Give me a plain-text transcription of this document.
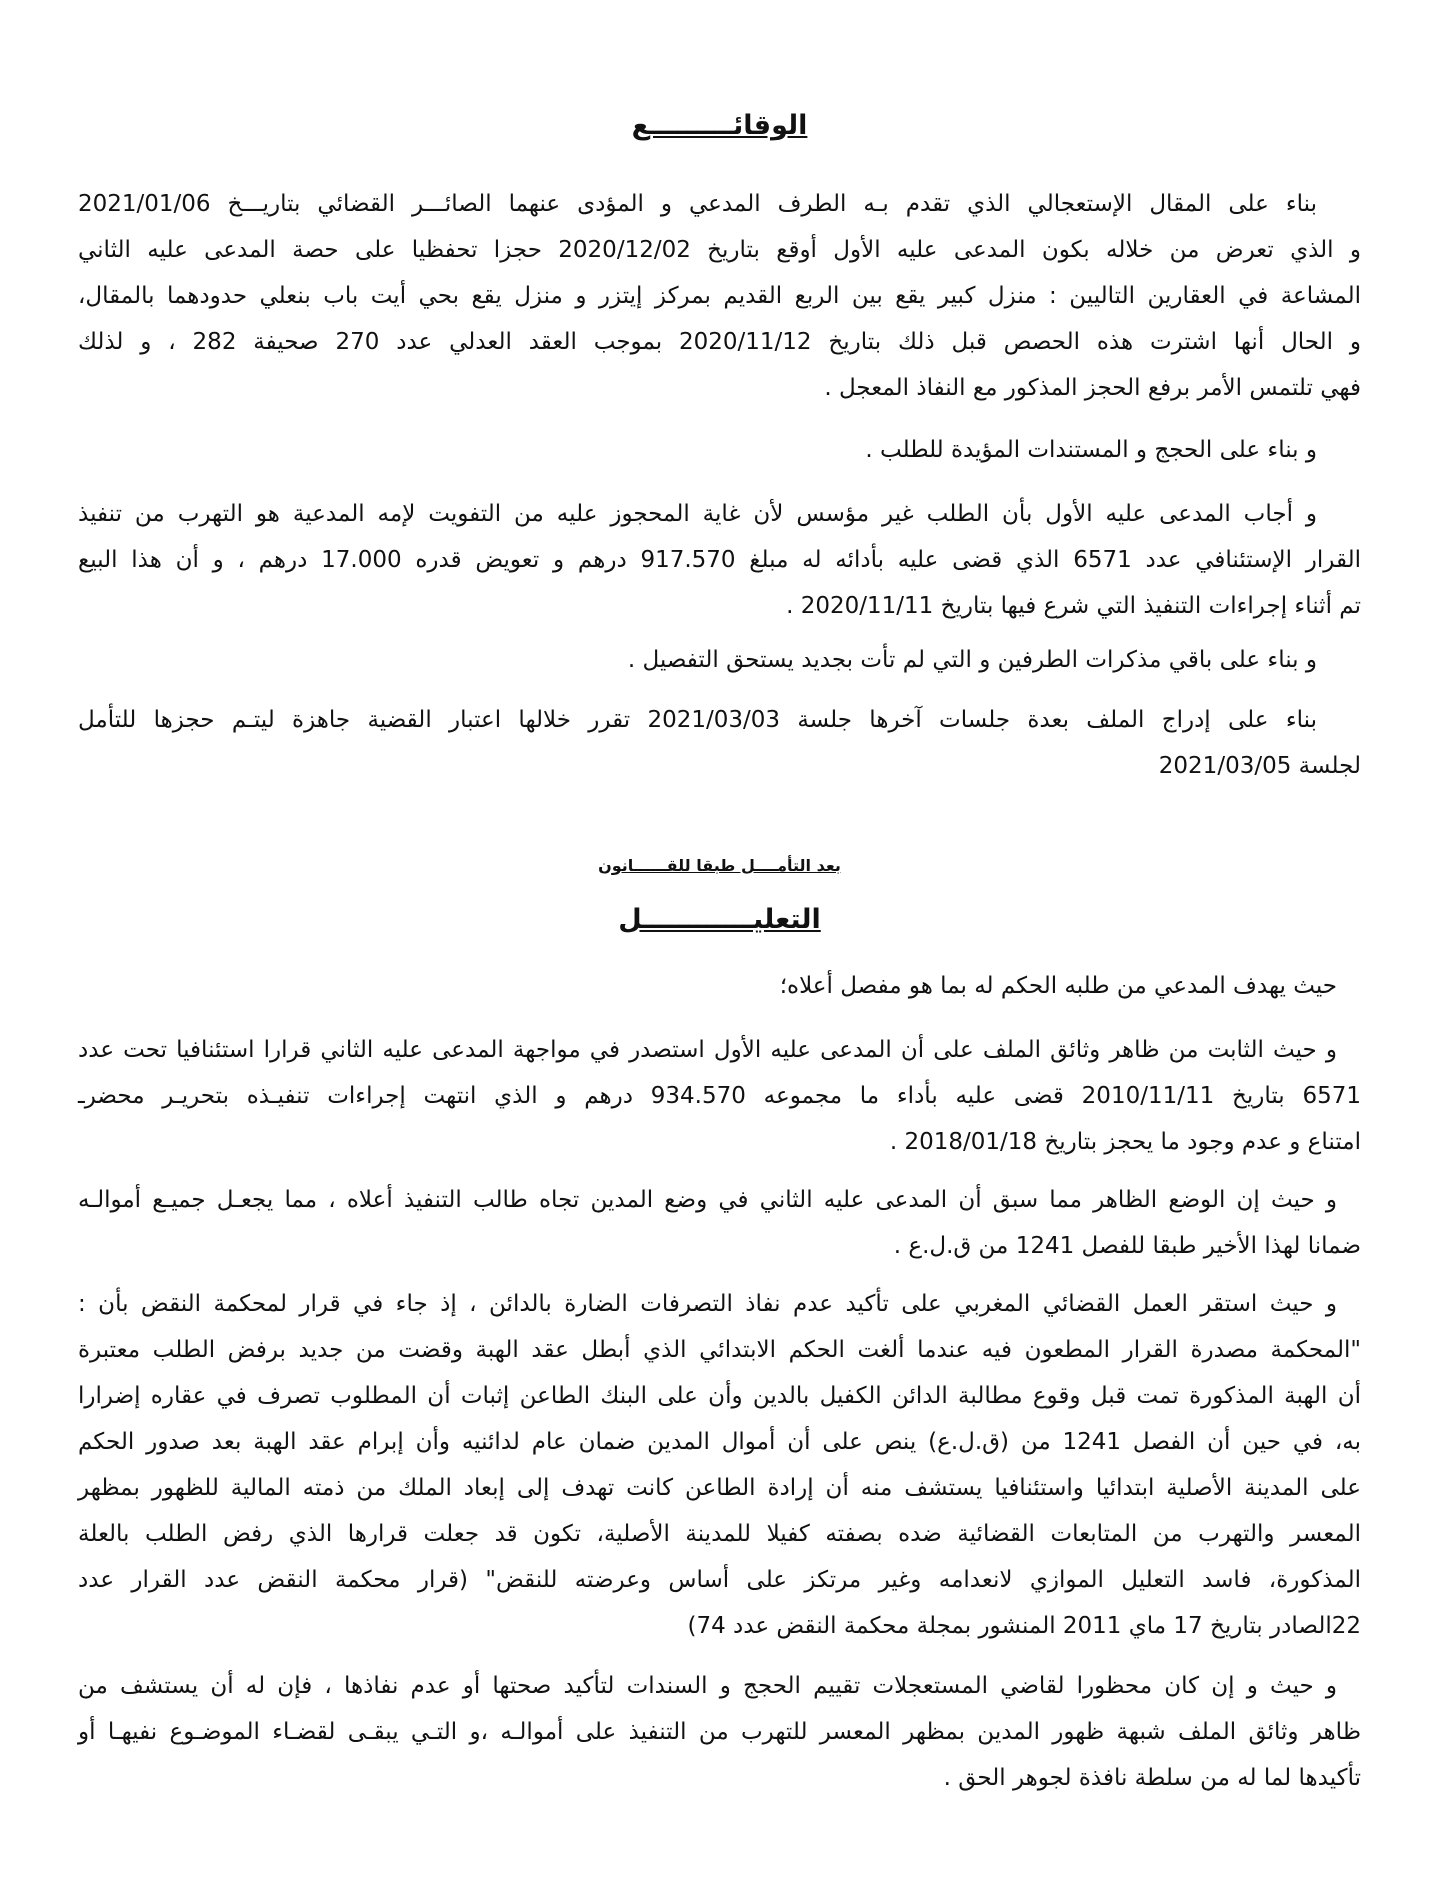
الوقائـــــــــع
بناء على المقال الإستعجالي الذي تقدم بـه الطرف المدعي و المؤدى عنهما الصائـــر القضائي بتاريـــخ 2021/01/06
و الذي تعرض من خلاله بكون المدعى عليه الأول أوقع بتاريخ 2020/12/02 حجزا تحفظيا على حصة المدعى عليه الثاني
المشاعة في العقارين التاليين : منزل كبير يقع بين الربع القديم بمركز إيتزر و منزل يقع بحي أيت باب بنعلي حدودهما بالمقال،
و الحال أنها اشترت هذه الحصص قبل ذلك بتاريخ 2020/11/12 بموجب العقد العدلي عدد 270 صحيفة 282 ، و لذلك
فهي تلتمس الأمر برفع الحجز المذكور مع النفاذ المعجل .
و بناء على الحجج و المستندات المؤيدة للطلب .
و أجاب المدعى عليه الأول بأن الطلب غير مؤسس لأن غاية المحجوز عليه من التفويت لإمه المدعية هو التهرب من تنفيذ
القرار الإستئنافي عدد 6571 الذي قضى عليه بأدائه له مبلغ 917.570 درهم و تعويض قدره 17.000 درهم ، و أن هذا البيع
تم أثناء إجراءات التنفيذ التي شرع فيها بتاريخ 2020/11/11 .
و بناء على باقي مذكرات الطرفين و التي لم تأت بجديد يستحق التفصيل .
بناء على إدراج الملف بعدة جلسات آخرها جلسة 2021/03/03 تقرر خلالها اعتبار القضية جاهزة ليتـم حجزها للتأمل
لجلسة 2021/03/05
بعد التأمــــل طبقا للقــــــانون
التعليــــــــــــل
حيث يهدف المدعي من طلبه الحكم له بما هو مفصل أعلاه؛
و حيث الثابت من ظاهر وثائق الملف على أن المدعى عليه الأول استصدر في مواجهة المدعى عليه الثاني قرارا استئنافيا تحت عدد
6571 بتاريخ 2010/11/11 قضى عليه بأداء ما مجموعه 934.570 درهم و الذي انتهت إجراءات تنفيـذه بتحريـر محضرـ
امتناع و عدم وجود ما يحجز بتاريخ 2018/01/18 .
و حيث إن الوضع الظاهر مما سبق أن المدعى عليه الثاني في وضع المدين تجاه طالب التنفيذ أعلاه ، مما يجعـل جميـع أموالـه
ضمانا لهذا الأخير طبقا للفصل 1241 من ق.ل.ع .
و حيث استقر العمل القضائي المغربي على تأكيد عدم نفاذ التصرفات الضارة بالدائن ، إذ جاء في قرار لمحكمة النقض بأن :
"المحكمة مصدرة القرار المطعون فيه عندما ألغت الحكم الابتدائي الذي أبطل عقد الهبة وقضت من جديد برفض الطلب معتبرة
أن الهبة المذكورة تمت قبل وقوع مطالبة الدائن الكفيل بالدين وأن على البنك الطاعن إثبات أن المطلوب تصرف في عقاره إضرارا
به، في حين أن الفصل 1241 من (ق.ل.ع) ينص على أن أموال المدين ضمان عام لدائنيه وأن إبرام عقد الهبة بعد صدور الحكم
على المدينة الأصلية ابتدائيا واستئنافيا يستشف منه أن إرادة الطاعن كانت تهدف إلى إبعاد الملك من ذمته المالية للظهور بمظهر
المعسر والتهرب من المتابعات القضائية ضده بصفته كفيلا للمدينة الأصلية، تكون قد جعلت قرارها الذي رفض الطلب بالعلة
المذكورة، فاسد التعليل الموازي لانعدامه وغير مرتكز على أساس وعرضته للنقض" (قرار محكمة النقض عدد القرار عدد
22الصادر بتاريخ 17 ماي 2011 المنشور بمجلة محكمة النقض عدد 74)
و حيث و إن كان محظورا لقاضي المستعجلات تقييم الحجج و السندات لتأكيد صحتها أو عدم نفاذها ، فإن له أن يستشف من
ظاهر وثائق الملف شبهة ظهور المدين بمظهر المعسر للتهرب من التنفيذ على أموالـه ،و التـي يبقـى لقضـاء الموضـوع نفيهـا أو
تأكيدها لما له من سلطة نافذة لجوهر الحق .
